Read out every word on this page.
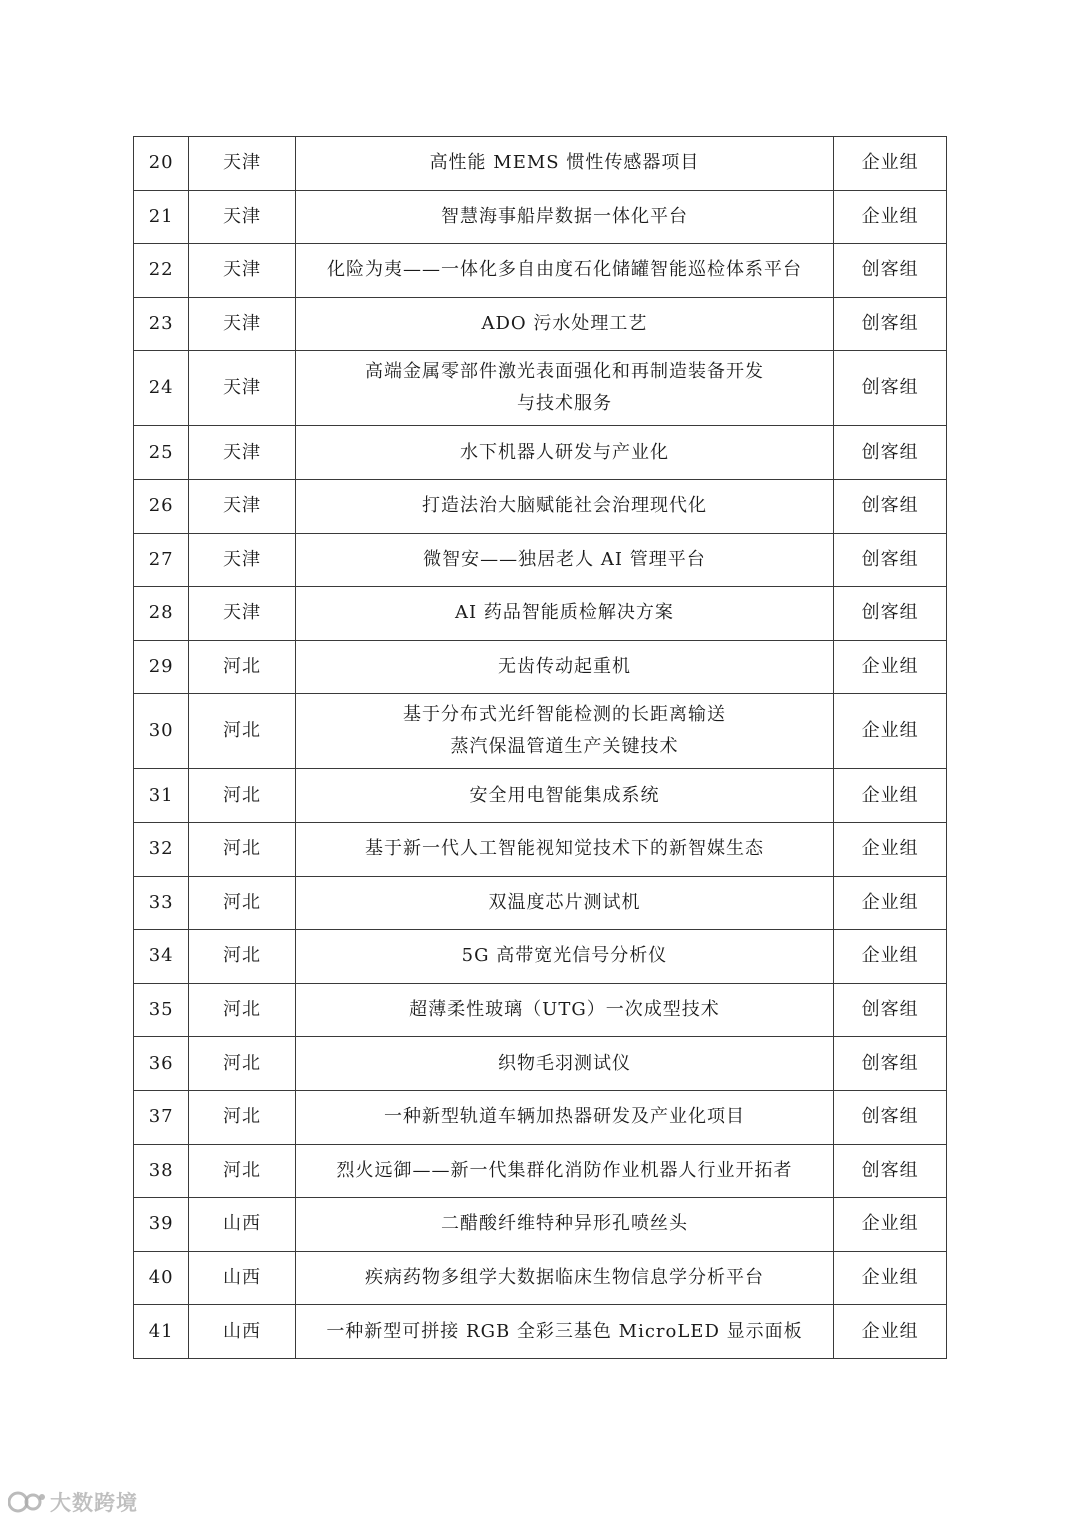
20	天津	高性能 MEMS 惯性传感器项目	企业组
21	天津	智慧海事船岸数据一体化平台	企业组
22	天津	化险为夷——一体化多自由度石化储罐智能巡检体系平台	创客组
23	天津	ADO 污水处理工艺	创客组
24	天津	高端金属零部件激光表面强化和再制造装备开发
与技术服务	创客组
25	天津	水下机器人研发与产业化	创客组
26	天津	打造法治大脑赋能社会治理现代化	创客组
27	天津	微智安——独居老人 AI 管理平台	创客组
28	天津	AI 药品智能质检解决方案	创客组
29	河北	无齿传动起重机	企业组
30	河北	基于分布式光纤智能检测的长距离输送
蒸汽保温管道生产关键技术	企业组
31	河北	安全用电智能集成系统	企业组
32	河北	基于新一代人工智能视知觉技术下的新智媒生态	企业组
33	河北	双温度芯片测试机	企业组
34	河北	5G 高带宽光信号分析仪	企业组
35	河北	超薄柔性玻璃（UTG）一次成型技术	创客组
36	河北	织物毛羽测试仪	创客组
37	河北	一种新型轨道车辆加热器研发及产业化项目	创客组
38	河北	烈火远御——新一代集群化消防作业机器人行业开拓者	创客组
39	山西	二醋酸纤维特种异形孔喷丝头	企业组
40	山西	疾病药物多组学大数据临床生物信息学分析平台	企业组
41	山西	一种新型可拼接 RGB 全彩三基色 MicroLED 显示面板	企业组
大数跨境
